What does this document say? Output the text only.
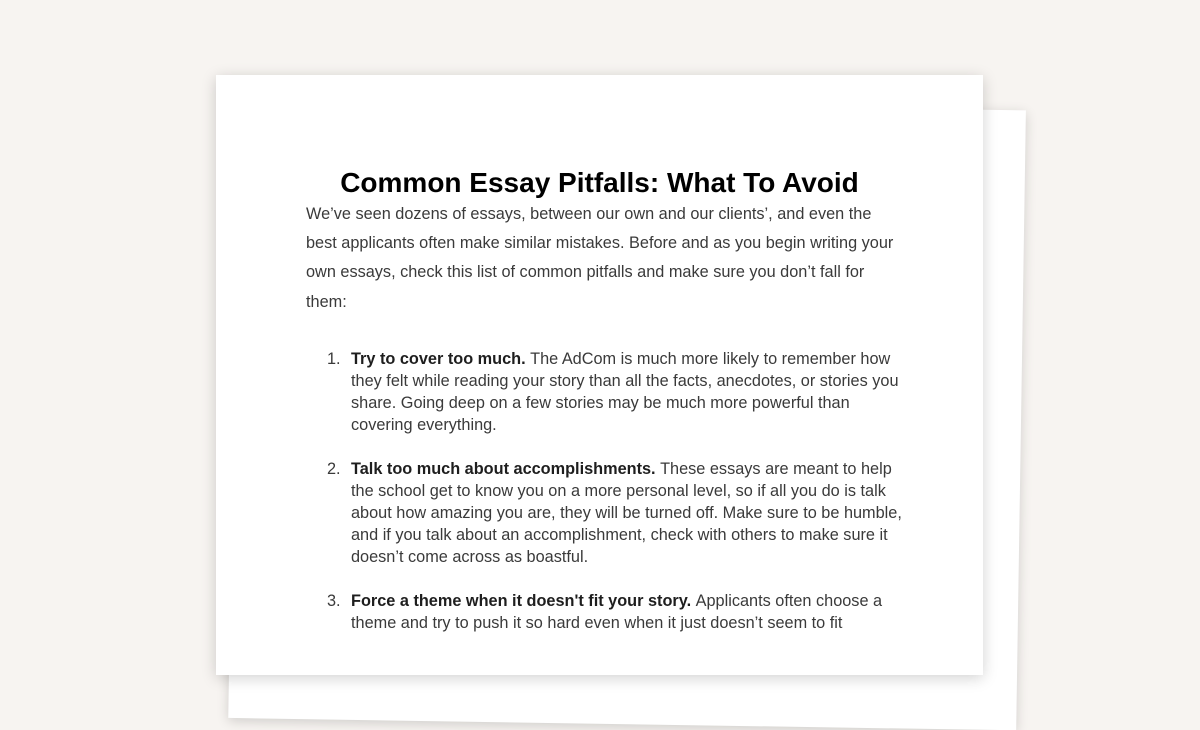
Common Essay Pitfalls: What To Avoid

We’ve seen dozens of essays, between our own and our clients’, and even the best applicants often make similar mistakes. Before and as you begin writing your own essays, check this list of common pitfalls and make sure you don’t fall for them:

1. Try to cover too much. The AdCom is much more likely to remember how they felt while reading your story than all the facts, anecdotes, or stories you share. Going deep on a few stories may be much more powerful than covering everything.
2. Talk too much about accomplishments. These essays are meant to help the school get to know you on a more personal level, so if all you do is talk about how amazing you are, they will be turned off. Make sure to be humble, and if you talk about an accomplishment, check with others to make sure it doesn’t come across as boastful.
3. Force a theme when it doesn't fit your story. Applicants often choose a theme and try to push it so hard even when it just doesn’t seem to fit
